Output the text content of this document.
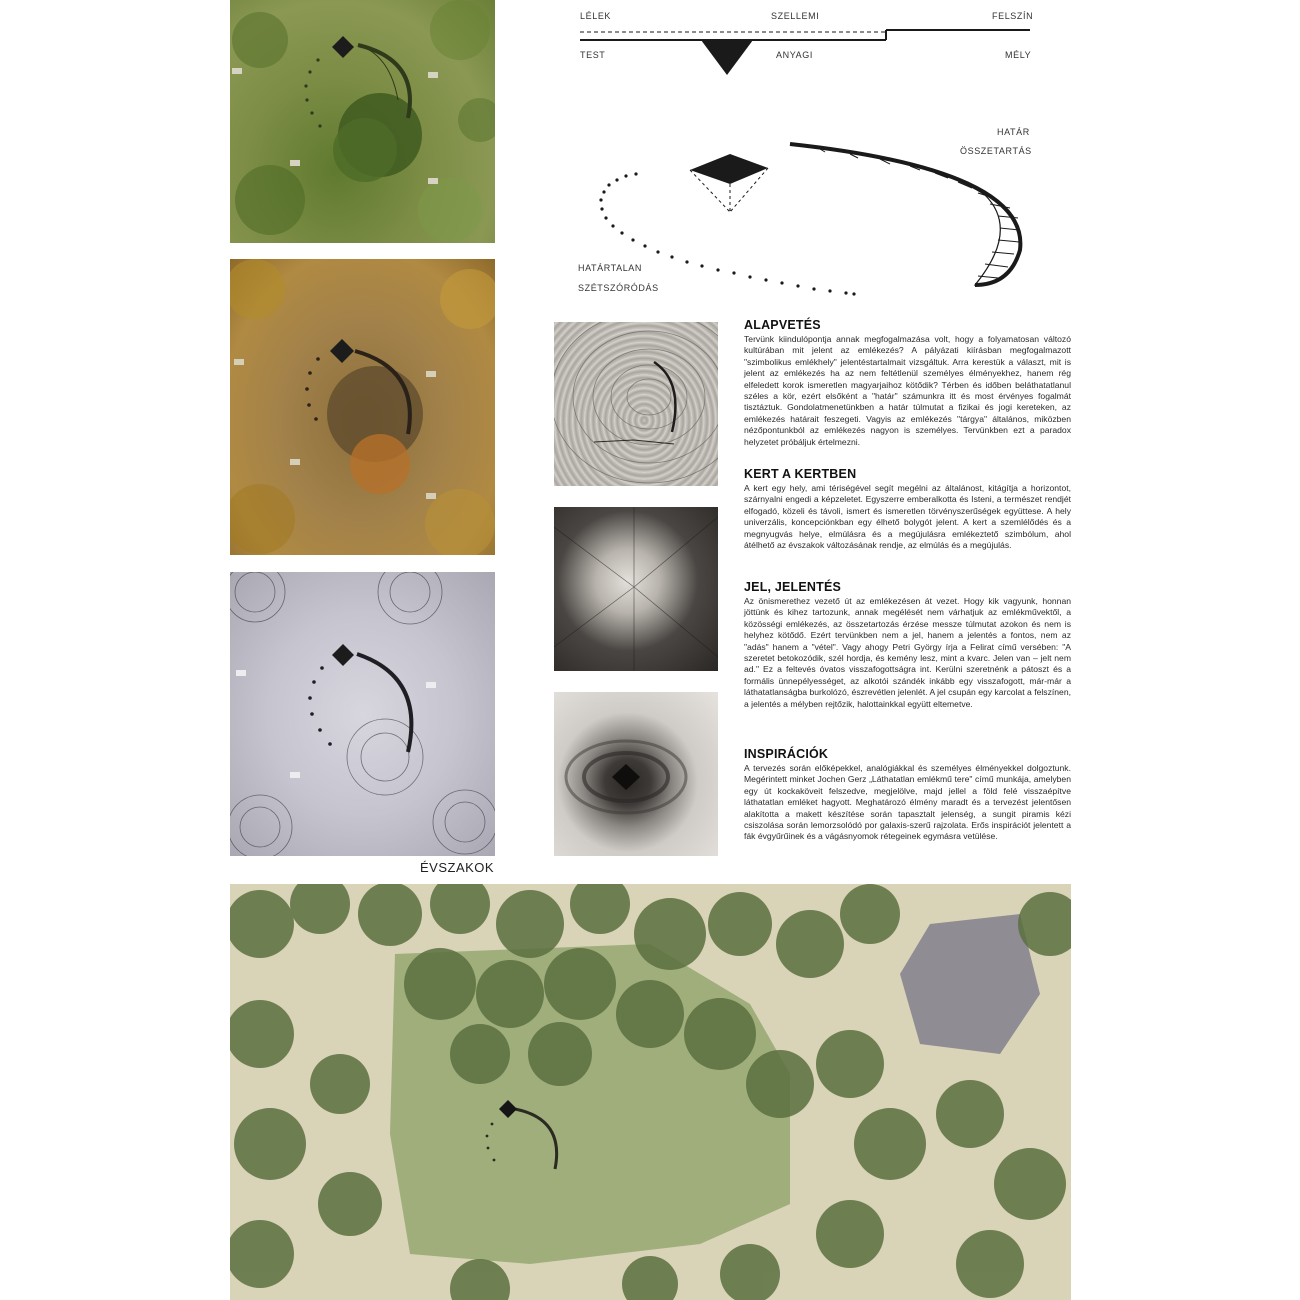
ÉVSZAKOK
LÉLEK	SZELLEMI	FELSZÍN
TEST	ANYAGI	MÉLY
HATÁR
ÖSSZETARTÁS
HATÁRTALAN
SZÉTSZÓRÓDÁS
ALAPVETÉS
Tervünk kiindulópontja annak megfogalmazása volt, hogy a folyamatosan változó kultúrában mit jelent az emlékezés? A pályázati kiírásban megfogalmazott "szimbolikus emlékhely" jelentéstartalmait vizsgáltuk. Arra kerestük a választ, mit is jelent az emlékezés ha az nem feltétlenül személyes élményekhez, hanem rég elfeledett korok ismeretlen magyarjaihoz kötődik? Térben és időben beláthatatlanul széles a kör, ezért elsőként a "határ" számunkra itt és most érvényes fogalmát tisztáztuk. Gondolatmenetünkben a határ túlmutat a fizikai és jogi kereteken, az emlékezés határait feszegeti. Vagyis az emlékezés "tárgya" általános, miközben nézőpontunkból az emlékezés nagyon is személyes. Tervünkben ezt a paradox helyzetet próbáljuk értelmezni.
KERT A KERTBEN
A kert egy hely, ami tériségével segít megélni az általánost, kitágítja a horizontot, szárnyalni engedi a képzeletet. Egyszerre emberalkotta és Isteni, a természet rendjét elfogadó, közeli és távoli, ismert és ismeretlen törvényszerűségek együttese. A hely univerzális, koncepciónkban egy élhető bolygót jelent. A kert a szemlélődés és a megnyugvás helye, elmúlásra és a megújulásra emlékeztető szimbólum, ahol átélhető az évszakok változásának rendje, az elmúlás és a megújulás.
JEL, JELENTÉS
Az önismerethez vezető út az emlékezésen át vezet. Hogy kik vagyunk, honnan jöttünk és kihez tartozunk, annak megélését nem várhatjuk az emlékművektől, a közösségi emlékezés, az összetartozás érzése messze túlmutat azokon és nem is helyhez kötődő. Ezért tervünkben nem a jel, hanem a jelentés a fontos, nem az "adás" hanem a "vétel". Vagy ahogy Petri György írja a Felirat című versében: "A szeretet betokozódik, szél hordja, és kemény lesz, mint a kvarc. Jelen van – jelt nem ad." Ez a feltevés óvatos visszafogottságra int. Kerülni szeretnénk a pátoszt és a formális ünnepélyességet, az alkotói szándék inkább egy visszafogott, már-már a láthatatlanságba burkolózó, észrevétlen jelenlét. A jel csupán egy karcolat a felszínen, a jelentés a mélyben rejtőzik, halottainkkal együtt eltemetve.
INSPIRÁCIÓK
A tervezés során előképekkel, analógiákkal és személyes élményekkel dolgoztunk. Megérintett minket Jochen Gerz „Láthatatlan emlékmű tere" című munkája, amelyben egy út kockaköveit felszedve, megjelölve, majd jellel a föld felé visszaépítve láthatatlan emléket hagyott. Meghatározó élmény maradt és a tervezést jelentősen alakította a makett készítése során tapasztalt jelenség, a sungit piramis kézi csiszolása során lemorzsolódó por galaxis-szerű rajzolata. Erős inspirációt jelentett a fák évgyűrűinek és a vágásnyomok rétegeinek egymásra vetülése.
